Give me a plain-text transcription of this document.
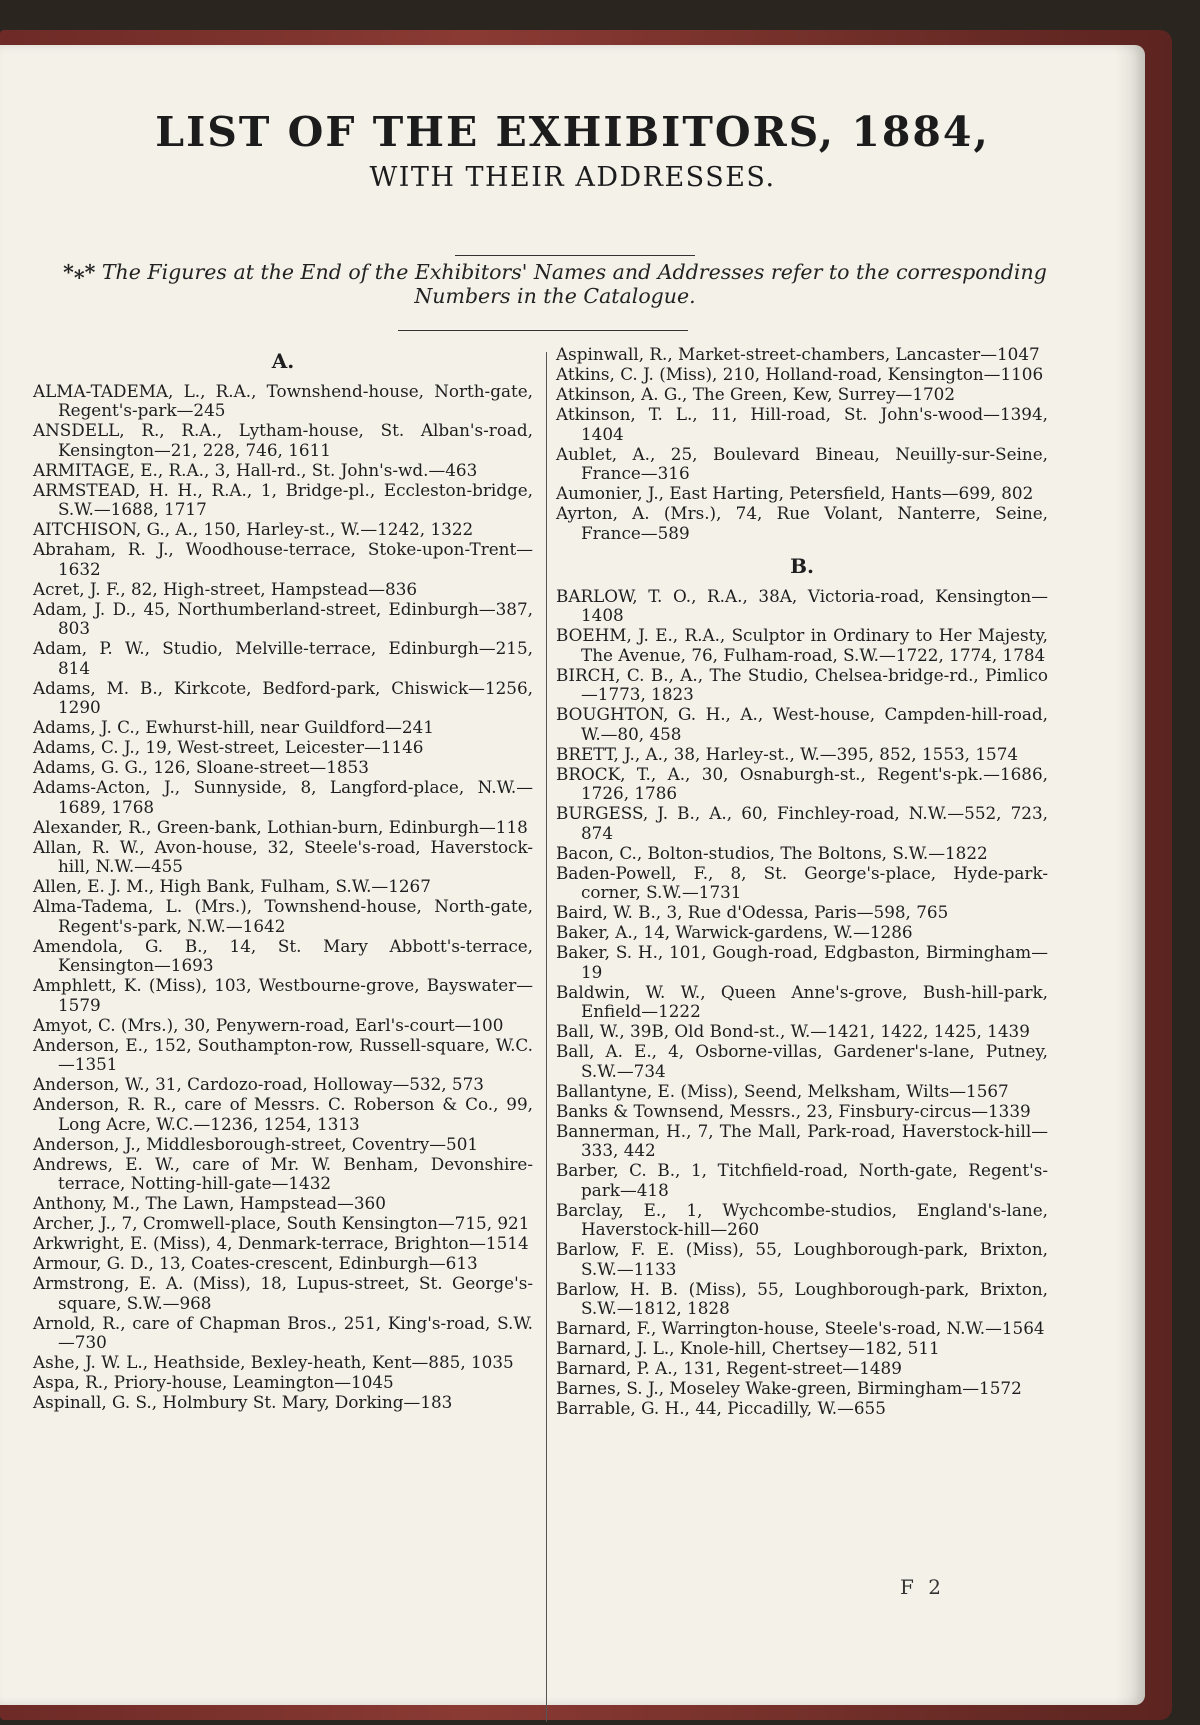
LIST OF THE EXHIBITORS, 1884,
WITH THEIR ADDRESSES.
*⁎* The Figures at the End of the Exhibitors' Names and Addresses refer to the corresponding Numbers in the Catalogue.
A.

ALMA-TADEMA, L., R.A., Townshend-house, North-gate, Regent's-park—245

ANSDELL, R., R.A., Lytham-house, St. Alban's-road, Kensington—21, 228, 746, 1611

ARMITAGE, E., R.A., 3, Hall-rd., St. John's-wd.—463

ARMSTEAD, H. H., R.A., 1, Bridge-pl., Eccleston-bridge, S.W.—1688, 1717

AITCHISON, G., A., 150, Harley-st., W.—1242, 1322

Abraham, R. J., Woodhouse-terrace, Stoke-upon-Trent—1632

Acret, J. F., 82, High-street, Hampstead—836

Adam, J. D., 45, Northumberland-street, Edinburgh—387, 803

Adam, P. W., Studio, Melville-terrace, Edinburgh—215, 814

Adams, M. B., Kirkcote, Bedford-park, Chiswick—1256, 1290

Adams, J. C., Ewhurst-hill, near Guildford—241

Adams, C. J., 19, West-street, Leicester—1146

Adams, G. G., 126, Sloane-street—1853

Adams-Acton, J., Sunnyside, 8, Langford-place, N.W.—1689, 1768

Alexander, R., Green-bank, Lothian-burn, Edinburgh—118

Allan, R. W., Avon-house, 32, Steele's-road, Haverstock-hill, N.W.—455

Allen, E. J. M., High Bank, Fulham, S.W.—1267

Alma-Tadema, L. (Mrs.), Townshend-house, North-gate, Regent's-park, N.W.—1642

Amendola, G. B., 14, St. Mary Abbott's-terrace, Kensington—1693

Amphlett, K. (Miss), 103, Westbourne-grove, Bayswater—1579

Amyot, C. (Mrs.), 30, Penywern-road, Earl's-court—100

Anderson, E., 152, Southampton-row, Russell-square, W.C.—1351

Anderson, W., 31, Cardozo-road, Holloway—532, 573

Anderson, R. R., care of Messrs. C. Roberson & Co., 99, Long Acre, W.C.—1236, 1254, 1313

Anderson, J., Middlesborough-street, Coventry—501

Andrews, E. W., care of Mr. W. Benham, Devonshire-terrace, Notting-hill-gate—1432

Anthony, M., The Lawn, Hampstead—360

Archer, J., 7, Cromwell-place, South Kensington—715, 921

Arkwright, E. (Miss), 4, Denmark-terrace, Brighton—1514

Armour, G. D., 13, Coates-crescent, Edinburgh—613

Armstrong, E. A. (Miss), 18, Lupus-street, St. George's-square, S.W.—968

Arnold, R., care of Chapman Bros., 251, King's-road, S.W.—730

Ashe, J. W. L., Heathside, Bexley-heath, Kent—885, 1035

Aspa, R., Priory-house, Leamington—1045

Aspinall, G. S., Holmbury St. Mary, Dorking—183

Aspinwall, R., Market-street-chambers, Lancaster—1047

Atkins, C. J. (Miss), 210, Holland-road, Kensington—1106

Atkinson, A. G., The Green, Kew, Surrey—1702

Atkinson, T. L., 11, Hill-road, St. John's-wood—1394, 1404

Aublet, A., 25, Boulevard Bineau, Neuilly-sur-Seine, France—316

Aumonier, J., East Harting, Petersfield, Hants—699, 802

Ayrton, A. (Mrs.), 74, Rue Volant, Nanterre, Seine, France—589

B.

BARLOW, T. O., R.A., 38A, Victoria-road, Kensington—1408

BOEHM, J. E., R.A., Sculptor in Ordinary to Her Majesty, The Avenue, 76, Fulham-road, S.W.—1722, 1774, 1784

BIRCH, C. B., A., The Studio, Chelsea-bridge-rd., Pimlico—1773, 1823

BOUGHTON, G. H., A., West-house, Campden-hill-road, W.—80, 458

BRETT, J., A., 38, Harley-st., W.—395, 852, 1553, 1574

BROCK, T., A., 30, Osnaburgh-st., Regent's-pk.—1686, 1726, 1786

BURGESS, J. B., A., 60, Finchley-road, N.W.—552, 723, 874

Bacon, C., Bolton-studios, The Boltons, S.W.—1822

Baden-Powell, F., 8, St. George's-place, Hyde-park-corner, S.W.—1731

Baird, W. B., 3, Rue d'Odessa, Paris—598, 765

Baker, A., 14, Warwick-gardens, W.—1286

Baker, S. H., 101, Gough-road, Edgbaston, Birmingham—19

Baldwin, W. W., Queen Anne's-grove, Bush-hill-park, Enfield—1222

Ball, W., 39B, Old Bond-st., W.—1421, 1422, 1425, 1439

Ball, A. E., 4, Osborne-villas, Gardener's-lane, Putney, S.W.—734

Ballantyne, E. (Miss), Seend, Melksham, Wilts—1567

Banks & Townsend, Messrs., 23, Finsbury-circus—1339

Bannerman, H., 7, The Mall, Park-road, Haverstock-hill—333, 442

Barber, C. B., 1, Titchfield-road, North-gate, Regent's-park—418

Barclay, E., 1, Wychcombe-studios, England's-lane, Haverstock-hill—260

Barlow, F. E. (Miss), 55, Loughborough-park, Brixton, S.W.—1133

Barlow, H. B. (Miss), 55, Loughborough-park, Brixton, S.W.—1812, 1828

Barnard, F., Warrington-house, Steele's-road, N.W.—1564

Barnard, J. L., Knole-hill, Chertsey—182, 511

Barnard, P. A., 131, Regent-street—1489

Barnes, S. J., Moseley Wake-green, Birmingham—1572

Barrable, G. H., 44, Piccadilly, W.—655

F 2
